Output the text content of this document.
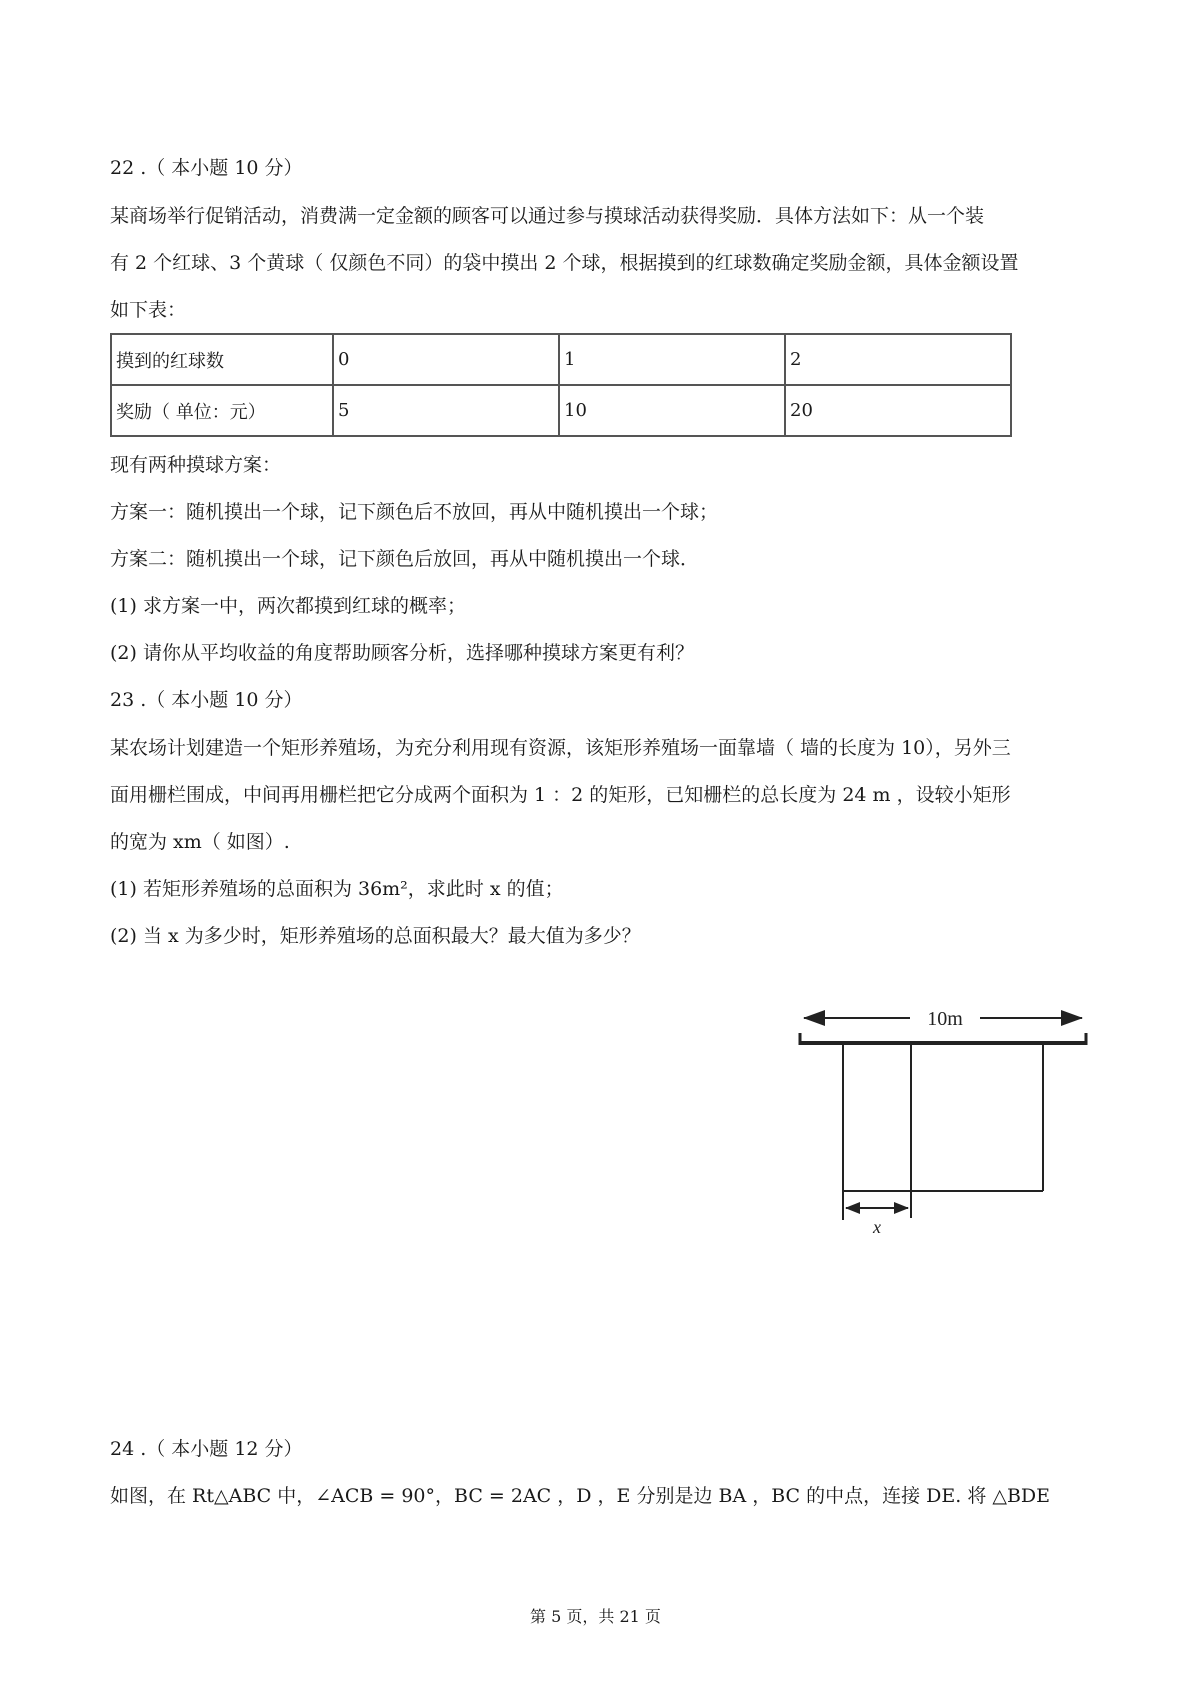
22 .（ 本小题 10 分）
某商场举行促销活动，消费满一定金额的顾客可以通过参与摸球活动获得奖励．具体方法如下：从一个装
有 2 个红球、3 个黄球（ 仅颜色不同）的袋中摸出 2 个球，根据摸到的红球数确定奖励金额，具体金额设置
如下表：
摸到的红球数	0	1	2
奖励（ 单位：元）	5	10	20
现有两种摸球方案：
方案一：随机摸出一个球，记下颜色后不放回，再从中随机摸出一个球；
方案二：随机摸出一个球，记下颜色后放回，再从中随机摸出一个球．
(1) 求方案一中，两次都摸到红球的概率；
(2) 请你从平均收益的角度帮助顾客分析，选择哪种摸球方案更有利？
23 .（ 本小题 10 分）
某农场计划建造一个矩形养殖场，为充分利用现有资源，该矩形养殖场一面靠墙（ 墙的长度为 10），另外三
面用栅栏围成，中间再用栅栏把它分成两个面积为 1 ：2 的矩形，已知栅栏的总长度为 24 m ，设较小矩形
的宽为 xm（ 如图）.
(1) 若矩形养殖场的总面积为 36m²，求此时 x 的值；
(2) 当 x 为多少时，矩形养殖场的总面积最大？最大值为多少？
10m
x
24 .（ 本小题 12 分）
如图，在 Rt△ABC 中，∠ACB = 90°，BC = 2AC ，D ，E 分别是边 BA ，BC 的中点，连接 DE. 将 △BDE
第 5 页，共 21 页
